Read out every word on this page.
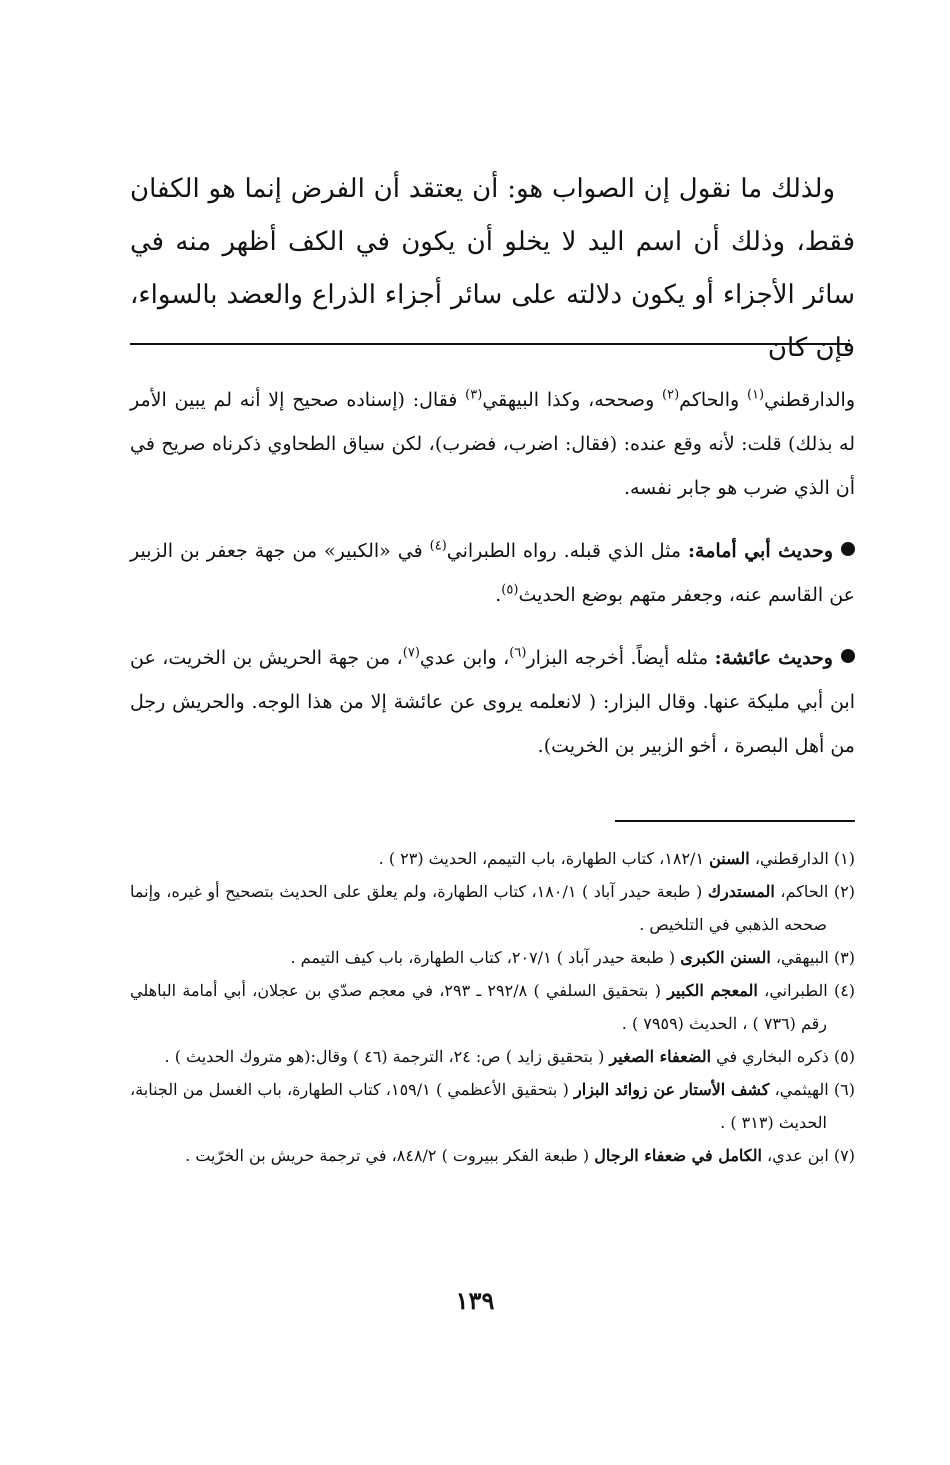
ولذلك ما نقول إن الصواب هو: أن يعتقد أن الفرض إنما هو الكفان فقط، وذلك أن اسم اليد لا يخلو أن يكون في الكف أظهر منه في سائر الأجزاء أو يكون دلالته على سائر أجزاء الذراع والعضد بالسواء، فإن كان

والدارقطني$^{(١)}$ والحاكم$^{(٢)}$ وصححه، وكذا البيهقي$^{(٣)}$ فقال: (إسناده صحيح إلا أنه لم يبين الأمر له بذلك) قلت: لأنه وقع عنده: (فقال: اضرب، فضرب)، لكن سياق الطحاوي ذكرناه صريح في أن الذي ضرب هو جابر نفسه.

وحديث أبي أمامة: مثل الذي قبله. رواه الطبراني$^{(٤)}$ في «الكبير» من جهة جعفر بن الزبير عن القاسم عنه، وجعفر متهم بوضع الحديث$^{(٥)}$.

وحديث عائشة: مثله أيضاً. أخرجه البزار$^{(٦)}$، وابن عدي$^{(٧)}$، من جهة الحريش بن الخريت، عن ابن أبي مليكة عنها. وقال البزار: ( لانعلمه يروى عن عائشة إلا من هذا الوجه. والحريش رجل من أهل البصرة ، أخو الزبير بن الخريت).

(١) الدارقطني، السنن ١٨٢/١، كتاب الطهارة، باب التيمم، الحديث (٢٣ ) .

(٢) الحاكم، المستدرك ( طبعة حيدر آباد ) ١٨٠/١، كتاب الطهارة، ولم يعلق على الحديث بتصحيح أو غيره، وإنما صححه الذهبي في التلخيص .

(٣) البيهقي، السنن الكبرى ( طبعة حيدر آباد ) ٢٠٧/١، كتاب الطهارة، باب كيف التيمم .

(٤) الطبراني، المعجم الكبير ( بتحقيق السلفي ) ٢٩٢/٨ ـ ٢٩٣، في معجم صدّي بن عجلان، أبي أمامة الباهلي رقم (٧٣٦ ) ، الحديث (٧٩٥٩ ) .

(٥) ذكره البخاري في الضعفاء الصغير ( بتحقيق زايد ) ص: ٢٤، الترجمة (٤٦ ) وقال:(هو متروك الحديث ) .

(٦) الهيثمي، كشف الأستار عن زوائد البزار ( بتحقيق الأعظمي ) ١٥٩/١، كتاب الطهارة، باب الغسل من الجنابة، الحديث (٣١٣ ) .

(٧) ابن عدي، الكامل في ضعفاء الرجال ( طبعة الفكر ببيروت ) ٨٤٨/٢، في ترجمة حريش بن الخرّيت .

١٣٩
